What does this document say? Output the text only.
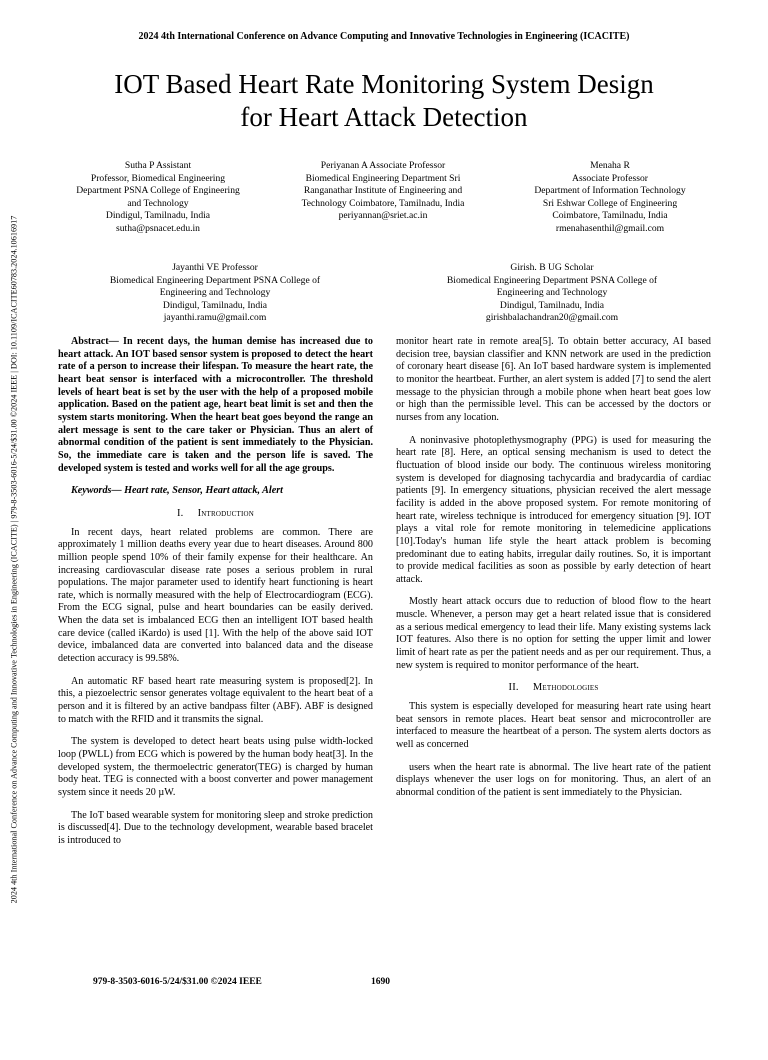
2024 4th International Conference on Advance Computing and Innovative Technologies in Engineering (ICACITE)
IOT Based Heart Rate Monitoring System Design
for Heart Attack Detection
2024 4th International Conference on Advance Computing and Innovative Technologies in Engineering (ICACITE) | 979-8-3503-6016-5/24/$31.00 ©2024 IEEE | DOI: 10.1109/ICACITE60783.2024.10616917
Sutha P Assistant
Professor, Biomedical Engineering
Department PSNA College of Engineering
and Technology
Dindigul, Tamilnadu, India
sutha@psnacet.edu.in
Periyanan A Associate Professor
Biomedical Engineering Department Sri
Ranganathar Institute of Engineering and
Technology Coimbatore, Tamilnadu, India
periyannan@sriet.ac.in
Menaha R
Associate Professor
Department of Information Technology
Sri Eshwar College of Engineering
Coimbatore, Tamilnadu, India
rmenahasenthil@gmail.com
Jayanthi VE Professor
Biomedical Engineering Department PSNA College of
Engineering and Technology
Dindigul, Tamilnadu, India
jayanthi.ramu@gmail.com
Girish. B UG Scholar
Biomedical Engineering Department PSNA College of
Engineering and Technology
Dindigul, Tamilnadu, India
girishbalachandran20@gmail.com

Abstract— In recent days, the human demise has increased due to heart attack. An IOT based sensor system is proposed to detect the heart rate of a person to increase their lifespan. To measure the heart rate, the heart beat sensor is interfaced with a microcontroller. The threshold levels of heart beat is set by the user with the help of a proposed mobile application. Based on the patient age, heart beat limit is set and then the system starts monitoring. When the heart beat goes beyond the range an alert message is sent to the care taker or Physician. Thus an alert of abnormal condition of the patient is sent immediately to the Physician. So, the immediate care is taken and the person life is saved. The developed system is tested and works well for all the age groups.

Keywords— Heart rate, Sensor, Heart attack, Alert

I. Introduction

In recent days, heart related problems are common. There are approximately 1 million deaths every year due to heart diseases. Around 800 million people spend 10% of their family expense for their healthcare. An increasing cardiovascular disease rate poses a serious problem in rural populations. The major parameter used to identify heart functioning is heart rate, which is normally measured with the help of Electrocardiogram (ECG). From the ECG signal, pulse and heart boundaries can be easily derived. When the data set is imbalanced ECG then an intelligent IOT based health care device (called iKardo) is used [1]. With the help of the above said IOT device, imbalanced data are converted into balanced data and the disease detection accuracy is 99.58%.

An automatic RF based heart rate measuring system is proposed[2]. In this, a piezoelectric sensor generates voltage equivalent to the heart beat of a person and it is filtered by an active bandpass filter (ABF). ABF is designed to match with the RFID and it transmits the signal.

The system is developed to detect heart beats using pulse width-locked loop (PWLL) from ECG which is powered by the human body heat[3]. In the developed system, the thermoelectric generator(TEG) is charged by human body heat. TEG is connected with a boost converter and power management system since it needs 20 µW.

The IoT based wearable system for monitoring sleep and stroke prediction is discussed[4]. Due to the technology development, wearable based bracelet is introduced to

monitor heart rate in remote area[5]. To obtain better accuracy, AI based decision tree, baysian classifier and KNN network are used in the prediction of coronary heart disease [6]. An IoT based hardware system is implemented to monitor the heartbeat. Further, an alert system is added [7] to send the alert message to the physician through a mobile phone when heart beat goes low or high than the permissible level. This can be accessed by the doctors or nurses from any location.

A noninvasive photoplethysmography (PPG) is used for measuring the heart rate [8]. Here, an optical sensing mechanism is used to detect the fluctuation of blood inside our body. The continuous wireless monitoring system is developed for diagnosing tachycardia and bradycardia of cardiac patients [9]. In emergency situations, physician received the alert message facility is added in the above proposed system. For remote monitoring of heart rate, wireless technique is introduced for emergency situation [9]. IOT plays a vital role for remote monitoring in telemedicine applications [10].Today's human life style the heart attack problem is becoming predominant due to eating habits, irregular daily routines. So, it is important to provide medical facilities as soon as possible by early detection of heart attack.

Mostly heart attack occurs due to reduction of blood flow to the heart muscle. Whenever, a person may get a heart related issue that is considered as a serious medical emergency to lead their life. Many existing systems lack IOT features. Also there is no option for setting the upper limit and lower limit of heart rate as per the patient needs and as per our requirement. Thus, a new system is required to monitor performance of the heart.

II. Methodologies

This system is especially developed for measuring heart rate using heart beat sensors in remote places. Heart beat sensor and microcontroller are interfaced to measure the heartbeat of a person. The system alerts doctors as well as concerned

users when the heart rate is abnormal. The live heart rate of the patient displays whenever the user logs on for monitoring. Thus, an alert of an abnormal condition of the patient is sent immediately to the Physician.

979-8-3503-6016-5/24/$31.00 ©2024 IEEE	1690
